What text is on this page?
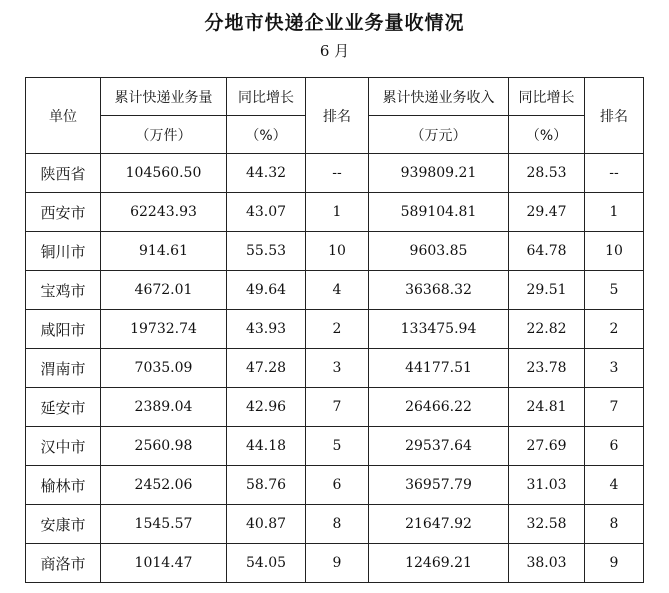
分地市快递企业业务量收情况
6 月
单位	累计快递业务量	同比增长	排名	累计快递业务收入	同比增长	排名
	（万件）	（%）		（万元）	（%）	
陕西省	104560.50	44.32	--	939809.21	28.53	--
西安市	62243.93	43.07	1	589104.81	29.47	1
铜川市	914.61	55.53	10	9603.85	64.78	10
宝鸡市	4672.01	49.64	4	36368.32	29.51	5
咸阳市	19732.74	43.93	2	133475.94	22.82	2
渭南市	7035.09	47.28	3	44177.51	23.78	3
延安市	2389.04	42.96	7	26466.22	24.81	7
汉中市	2560.98	44.18	5	29537.64	27.69	6
榆林市	2452.06	58.76	6	36957.79	31.03	4
安康市	1545.57	40.87	8	21647.92	32.58	8
商洛市	1014.47	54.05	9	12469.21	38.03	9
